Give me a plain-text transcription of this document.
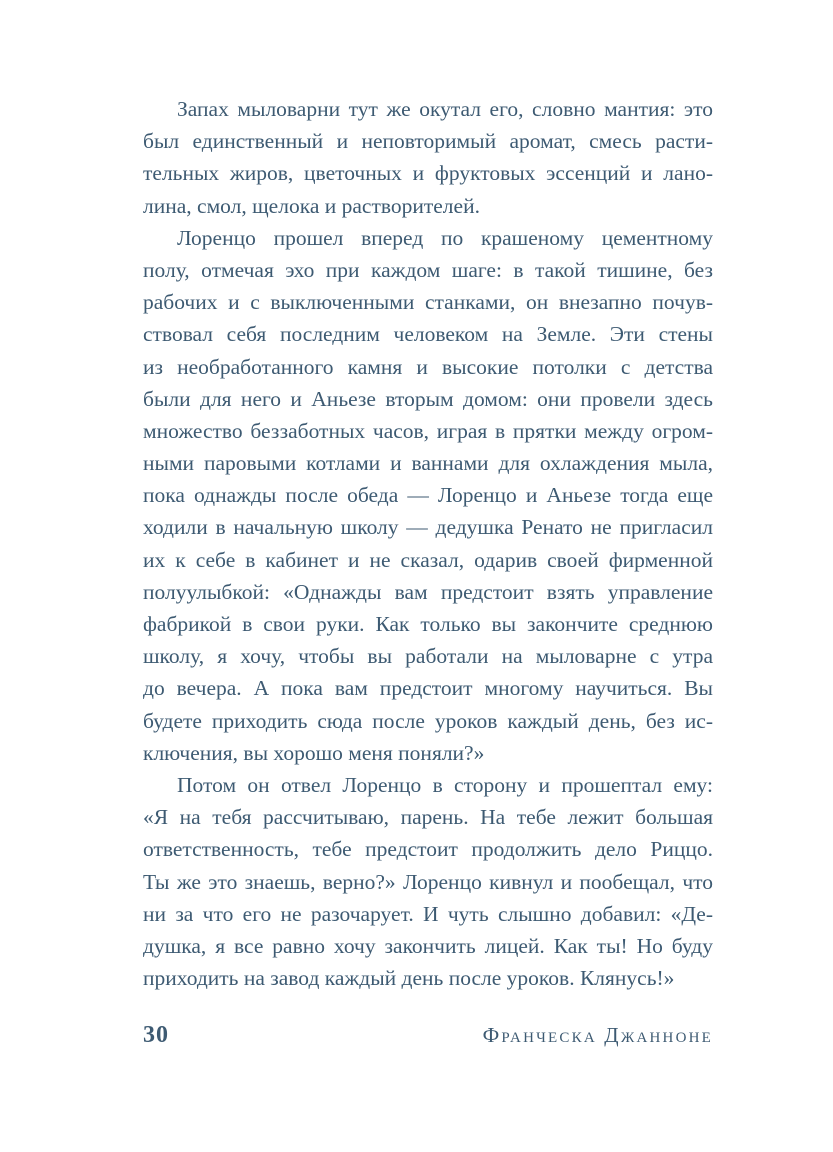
Запах мыловарни тут же окутал его, словно мантия: это
был единственный и неповторимый аромат, смесь расти-
тельных жиров, цветочных и фруктовых эссенций и лано-
лина, смол, щелока и растворителей.
Лоренцо прошел вперед по крашеному цементному
полу, отмечая эхо при каждом шаге: в такой тишине, без
рабочих и с выключенными станками, он внезапно почув-
ствовал себя последним человеком на Земле. Эти стены
из необработанного камня и высокие потолки с детства
были для него и Аньезе вторым домом: они провели здесь
множество беззаботных часов, играя в прятки между огром-
ными паровыми котлами и ваннами для охлаждения мыла,
пока однажды после обеда — Лоренцо и Аньезе тогда еще
ходили в начальную школу — дедушка Ренато не пригласил
их к себе в кабинет и не сказал, одарив своей фирменной
полуулыбкой: «Однажды вам предстоит взять управление
фабрикой в свои руки. Как только вы закончите среднюю
школу, я хочу, чтобы вы работали на мыловарне с утра
до вечера. А пока вам предстоит многому научиться. Вы
будете приходить сюда после уроков каждый день, без ис-
ключения, вы хорошо меня поняли?»
Потом он отвел Лоренцо в сторону и прошептал ему:
«Я на тебя рассчитываю, парень. На тебе лежит большая
ответственность, тебе предстоит продолжить дело Риццо.
Ты же это знаешь, верно?» Лоренцо кивнул и пообещал, что
ни за что его не разочарует. И чуть слышно добавил: «Де-
душка, я все равно хочу закончить лицей. Как ты! Но буду
приходить на завод каждый день после уроков. Клянусь!»
30	Франческа Джанноне
